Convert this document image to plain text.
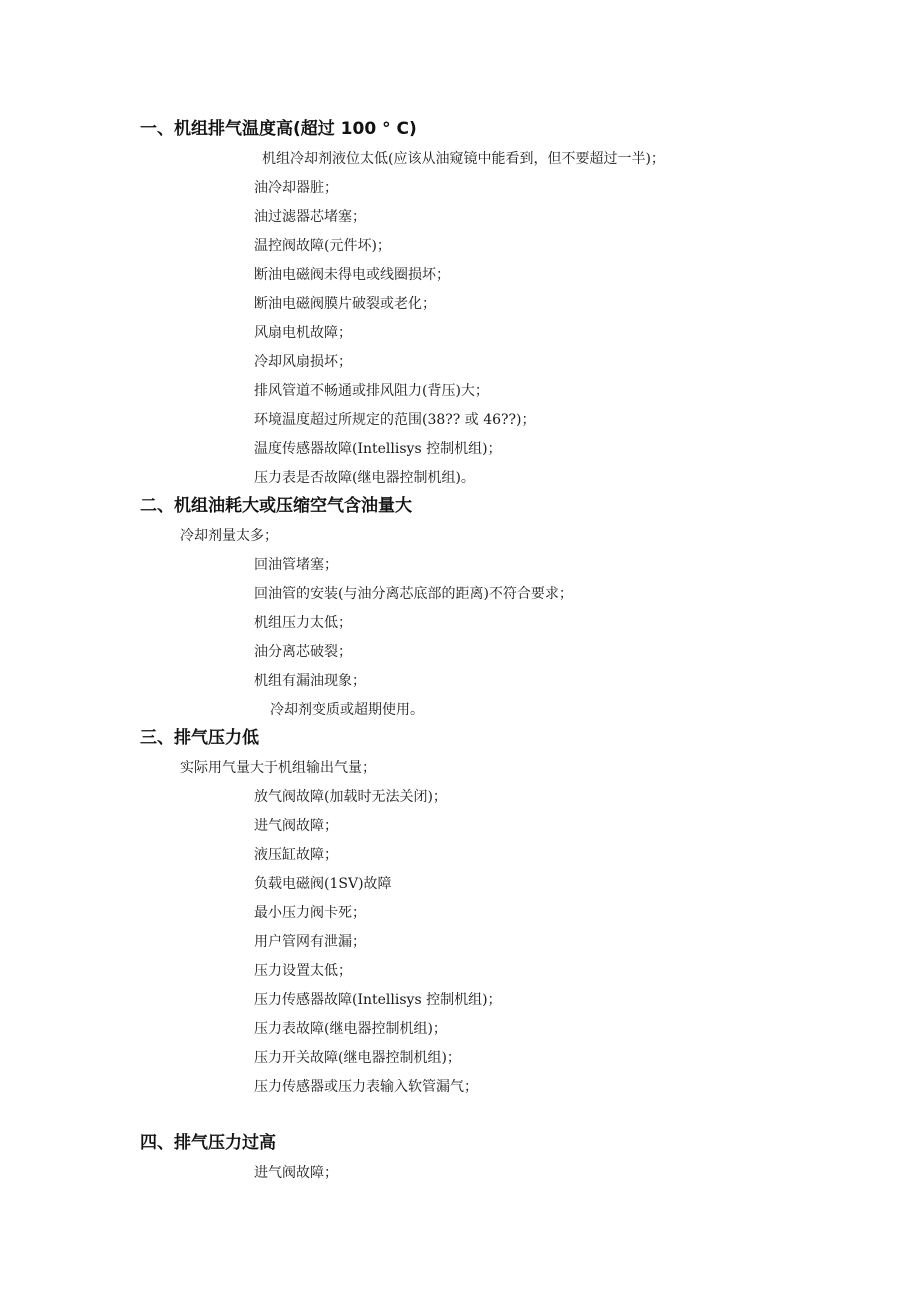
一、机组排气温度高(超过 100 ° C)
机组冷却剂液位太低(应该从油窥镜中能看到，但不要超过一半)；
油冷却器脏；
油过滤器芯堵塞；
温控阀故障(元件坏)；
断油电磁阀未得电或线圈损坏；
断油电磁阀膜片破裂或老化；
风扇电机故障；
冷却风扇损坏；
排风管道不畅通或排风阻力(背压)大；
环境温度超过所规定的范围(38?? 或 46??)；
温度传感器故障(Intellisys 控制机组)；
压力表是否故障(继电器控制机组)。
二、机组油耗大或压缩空气含油量大
冷却剂量太多；
回油管堵塞；
回油管的安装(与油分离芯底部的距离)不符合要求；
机组压力太低；
油分离芯破裂；
机组有漏油现象；
冷却剂变质或超期使用。
三、排气压力低
实际用气量大于机组输出气量；
放气阀故障(加载时无法关闭)；
进气阀故障；
液压缸故障；
负载电磁阀(1SV)故障
最小压力阀卡死；
用户管网有泄漏；
压力设置太低；
压力传感器故障(Intellisys 控制机组)；
压力表故障(继电器控制机组)；
压力开关故障(继电器控制机组)；
压力传感器或压力表输入软管漏气；
四、排气压力过高
进气阀故障；
